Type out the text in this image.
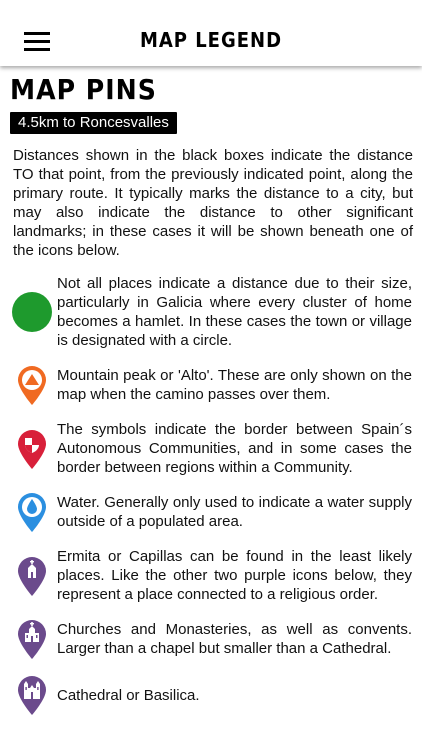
MAP LEGEND
MAP PINS
4.5km to Roncesvalles
Distances shown in the black boxes indicate the distance TO that point, from the previously indicated point, along the primary route. It typically marks the distance to a city, but may also indicate the distance to other significant landmarks; in these cases it will be shown beneath one of the icons below.
Not all places indicate a distance due to their size, particularly in Galicia where every cluster of home becomes a hamlet. In these cases the town or village is designated with a circle.
Mountain peak or 'Alto'. These are only shown on the map when the camino passes over them.
The symbols indicate the border between Spain´s Autonomous Communities, and in some cases the border between regions within a Community.
Water. Generally only used to indicate a water supply outside of a populated area.
Ermita or Capillas can be found in the least likely places. Like the other two purple icons below, they represent a place connected to a religious order.
Churches and Monasteries, as well as convents. Larger than a chapel but smaller than a Cathedral.
Cathedral or Basilica.
